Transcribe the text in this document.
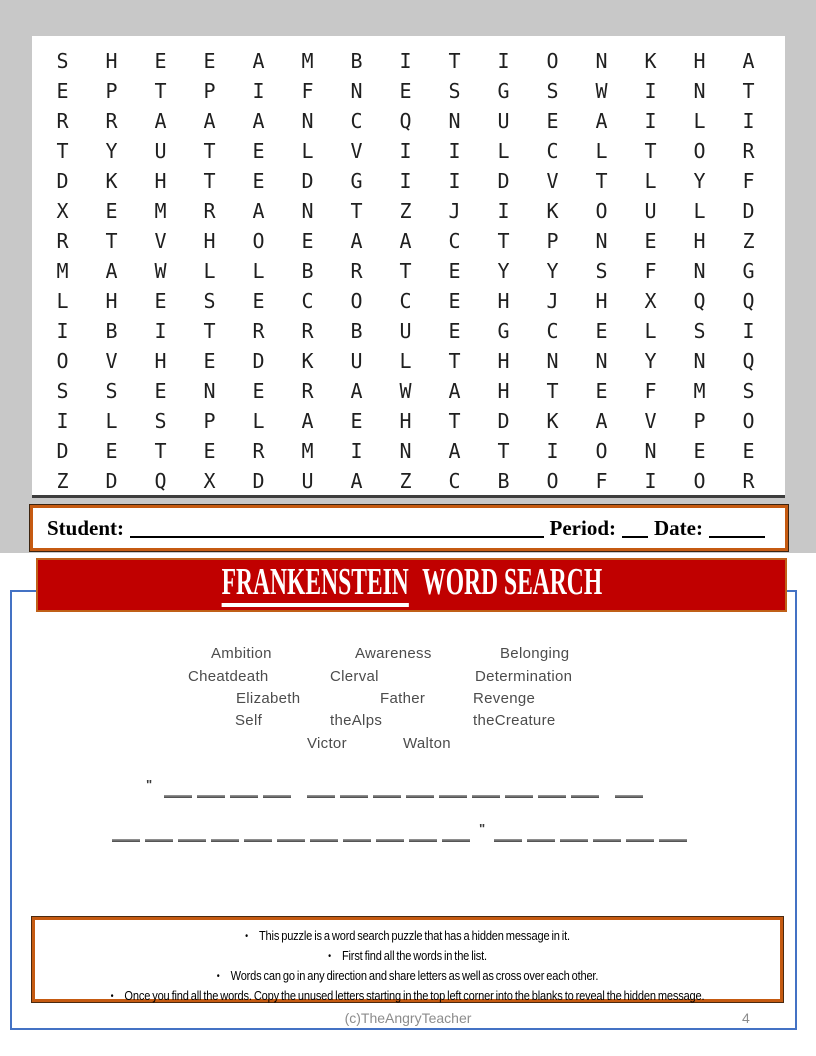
S	H	E	E	A	M	B	I	T	I	O	N	K	H	A
E	P	T	P	I	F	N	E	S	G	S	W	I	N	T
R	R	A	A	A	N	C	Q	N	U	E	A	I	L	I
T	Y	U	T	E	L	V	I	I	L	C	L	T	O	R
D	K	H	T	E	D	G	I	I	D	V	T	L	Y	F
X	E	M	R	A	N	T	Z	J	I	K	O	U	L	D
R	T	V	H	O	E	A	A	C	T	P	N	E	H	Z
M	A	W	L	L	B	R	T	E	Y	Y	S	F	N	G
L	H	E	S	E	C	O	C	E	H	J	H	X	Q	Q
I	B	I	T	R	R	B	U	E	G	C	E	L	S	I
O	V	H	E	D	K	U	L	T	H	N	N	Y	N	Q
S	S	E	N	E	R	A	W	A	H	T	E	F	M	S
I	L	S	P	L	A	E	H	T	D	K	A	V	P	O
D	E	T	E	R	M	I	N	A	T	I	O	N	E	E
Z	D	Q	X	D	U	A	Z	C	B	O	F	I	O	R
Student:	Period: Date:
FRANKENSTEIN WORD SEARCH
Ambition	Awareness	Belonging
Cheatdeath	Clerval	Determination
Elizabeth	Father	Revenge
Self	theAlps	theCreature
Victor	Walton
"
"
• This puzzle is a word search puzzle that has a hidden message in it.
• First find all the words in the list.
• Words can go in any direction and share letters as well as cross over each other.
• Once you find all the words. Copy the unused letters starting in the top left corner into the blanks to reveal the hidden message.
(c)TheAngryTeacher	4
